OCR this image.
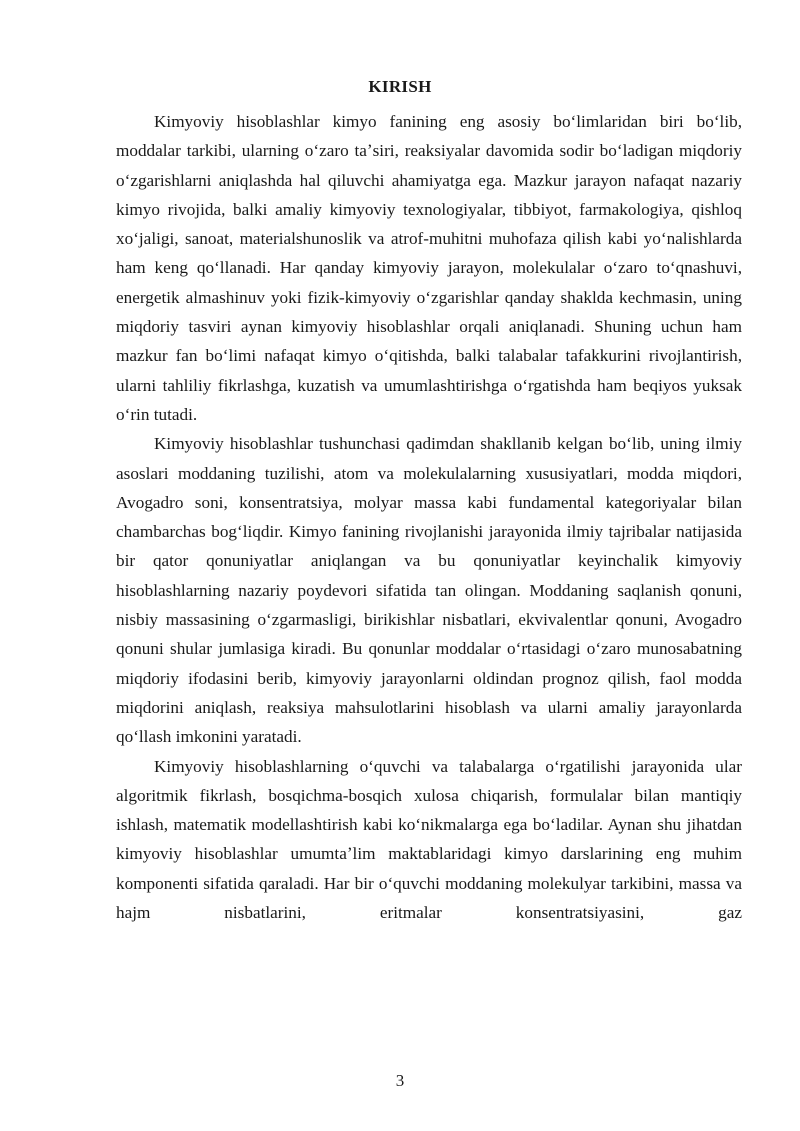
KIRISH

Kimyoviy hisoblashlar kimyo fanining eng asosiy boʻlimlaridan biri boʻlib, moddalar tarkibi, ularning oʻzaro taʼsiri, reaksiyalar davomida sodir boʻladigan miqdoriy oʻzgarishlarni aniqlashda hal qiluvchi ahamiyatga ega. Mazkur jarayon nafaqat nazariy kimyo rivojida, balki amaliy kimyoviy texnologiyalar, tibbiyot, farmakologiya, qishloq xoʻjaligi, sanoat, materialshunoslik va atrof-muhitni muhofaza qilish kabi yoʻnalishlarda ham keng qoʻllanadi. Har qanday kimyoviy jarayon, molekulalar oʻzaro toʻqnashuvi, energetik almashinuv yoki fizik-kimyoviy oʻzgarishlar qanday shaklda kechmasin, uning miqdoriy tasviri aynan kimyoviy hisoblashlar orqali aniqlanadi. Shuning uchun ham mazkur fan boʻlimi nafaqat kimyo oʻqitishda, balki talabalar tafakkurini rivojlantirish, ularni tahliliy fikrlashga, kuzatish va umumlashtirishga oʻrgatishda ham beqiyos yuksak oʻrin tutadi.

Kimyoviy hisoblashlar tushunchasi qadimdan shakllanib kelgan boʻlib, uning ilmiy asoslari moddaning tuzilishi, atom va molekulalarning xususiyatlari, modda miqdori, Avogadro soni, konsentratsiya, molyar massa kabi fundamental kategoriyalar bilan chambarchas bogʻliqdir. Kimyo fanining rivojlanishi jarayonida ilmiy tajribalar natijasida bir qator qonuniyatlar aniqlangan va bu qonuniyatlar keyinchalik kimyoviy hisoblashlarning nazariy poydevori sifatida tan olingan. Moddaning saqlanish qonuni, nisbiy massasining oʻzgarmasligi, birikishlar nisbatlari, ekvivalentlar qonuni, Avogadro qonuni shular jumlasiga kiradi. Bu qonunlar moddalar oʻrtasidagi oʻzaro munosabatning miqdoriy ifodasini berib, kimyoviy jarayonlarni oldindan prognoz qilish, faol modda miqdorini aniqlash, reaksiya mahsulotlarini hisoblash va ularni amaliy jarayonlarda qoʻllash imkonini yaratadi.

Kimyoviy hisoblashlarning oʻquvchi va talabalarga oʻrgatilishi jarayonida ular algoritmik fikrlash, bosqichma-bosqich xulosa chiqarish, formulalar bilan mantiqiy ishlash, matematik modellashtirish kabi koʻnikmalarga ega boʻladilar. Aynan shu jihatdan kimyoviy hisoblashlar umumtaʼlim maktablaridagi kimyo darslarining eng muhim komponenti sifatida qaraladi. Har bir oʻquvchi moddaning molekulyar tarkibini, massa va hajm nisbatlarini, eritmalar konsentratsiyasini, gaz

3
